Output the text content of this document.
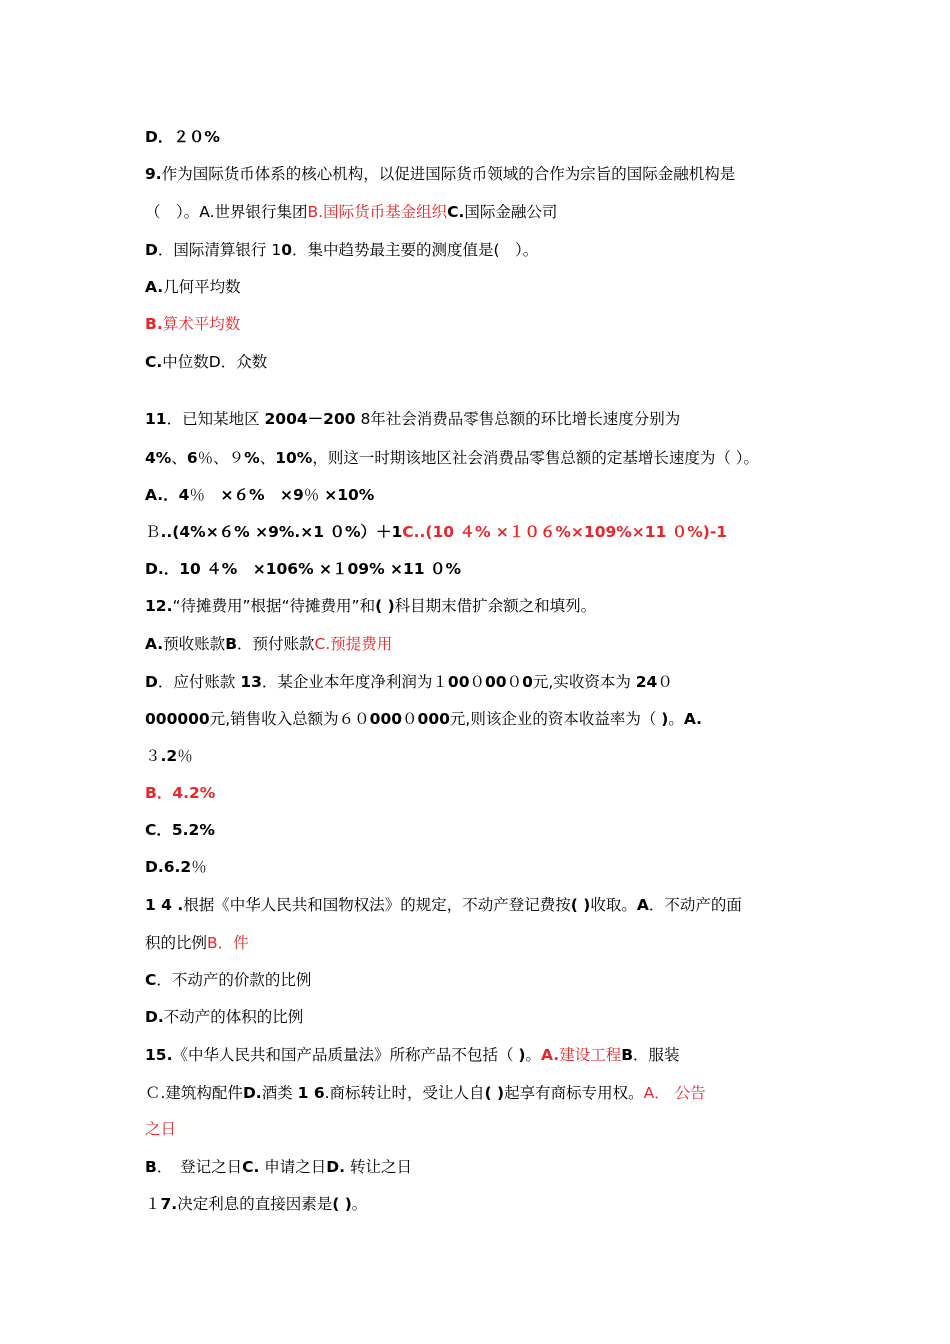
D．２０%
9.作为国际货币体系的核心机构，以促进国际货币领域的合作为宗旨的国际金融机构是
（　）。A.世界银行集团B.国际货币基金组织C.国际金融公司
D．国际清算银行 10．集中趋势最主要的测度值是(　）。
A.几何平均数
B.算术平均数
C.中位数D．众数
11．已知某地区 2004－200 8年社会消费品零售总额的环比增长速度分别为
4%、6％、９%、10%，则这一时期该地区社会消费品零售总额的定基增长速度为（ ）。
A.．4％　×６%　×9％ ×10%
Ｂ..(4%×６% ×9%.×1 ０%）＋1C..(10 ４% ×１０６%×109%×11 ０%)-1
D.．10 ４%　×106% ×１09% ×11 ０%
12.“待摊费用”根据“待摊费用”和( )科目期末借扩余额之和填列。
A.预收账款B．预付账款C.预提费用
D．应付账款 13．某企业本年度净利润为１00０00０0元,实收资本为 24０
000000元,销售收入总额为６０000０000元,则该企业的资本收益率为（ )。A.
３.2％
B．4.2%
C．5.2%
D.6.2％
1 4 .根据《中华人民共和国物权法》的规定，不动产登记费按( )收取。A．不动产的面
积的比例B．件
C．不动产的价款的比例
D.不动产的体积的比例
15.《中华人民共和国产品质量法》所称产品不包括（ )。A.建设工程B．服装
Ｃ.建筑构配件D.酒类 1 6.商标转让时，受让人自( )起享有商标专用权。A． 公告
之日
B．　登记之日C. 申请之日D. 转让之日
１7.决定利息的直接因素是( )。
